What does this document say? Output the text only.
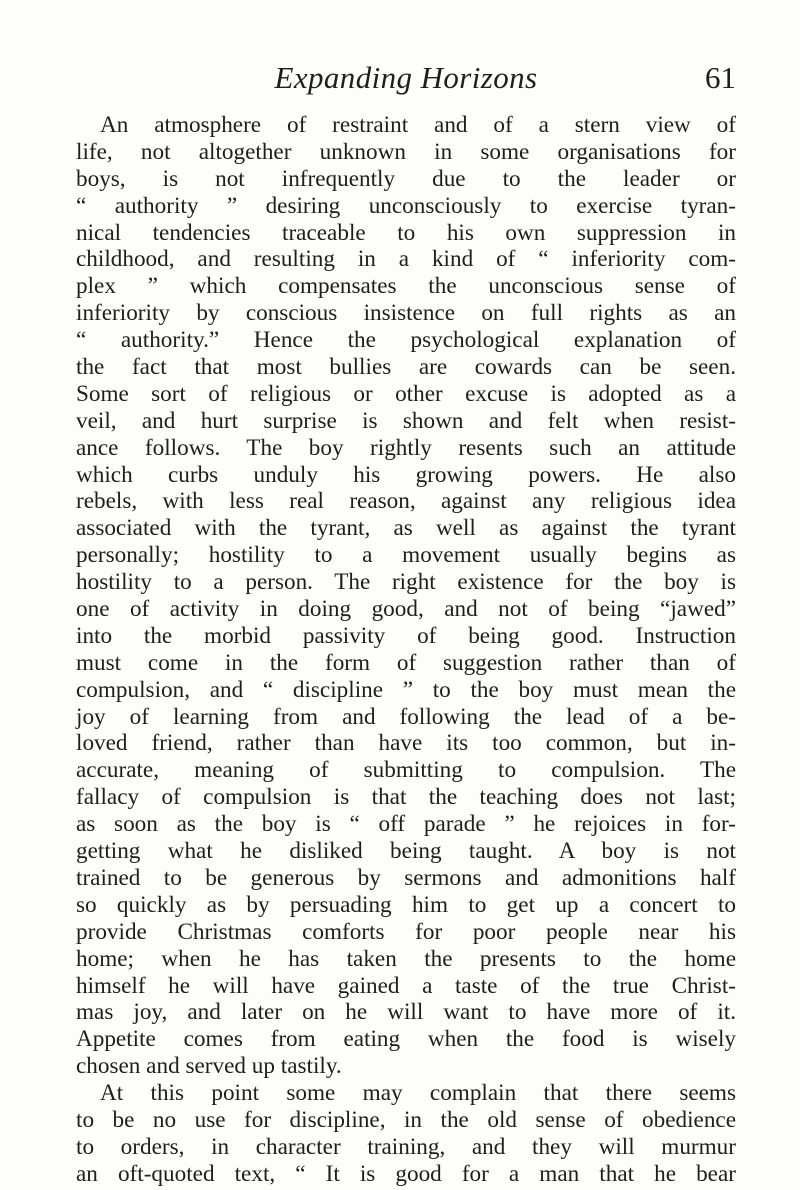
Expanding Horizons	61
An atmosphere of restraint and of a stern view of
life, not altogether unknown in some organisations for
boys, is not infrequently due to the leader or
“ authority ” desiring unconsciously to exercise tyran-
nical tendencies traceable to his own suppression in
childhood, and resulting in a kind of “ inferiority com-
plex ” which compensates the unconscious sense of
inferiority by conscious insistence on full rights as an
“ authority.” Hence the psychological explanation of
the fact that most bullies are cowards can be seen.
Some sort of religious or other excuse is adopted as a
veil, and hurt surprise is shown and felt when resist-
ance follows. The boy rightly resents such an attitude
which curbs unduly his growing powers. He also
rebels, with less real reason, against any religious idea
associated with the tyrant, as well as against the tyrant
personally; hostility to a movement usually begins as
hostility to a person. The right existence for the boy is
one of activity in doing good, and not of being “jawed”
into the morbid passivity of being good. Instruction
must come in the form of suggestion rather than of
compulsion, and “ discipline ” to the boy must mean the
joy of learning from and following the lead of a be-
loved friend, rather than have its too common, but in-
accurate, meaning of submitting to compulsion. The
fallacy of compulsion is that the teaching does not last;
as soon as the boy is “ off parade ” he rejoices in for-
getting what he disliked being taught. A boy is not
trained to be generous by sermons and admonitions half
so quickly as by persuading him to get up a concert to
provide Christmas comforts for poor people near his
home; when he has taken the presents to the home
himself he will have gained a taste of the true Christ-
mas joy, and later on he will want to have more of it.
Appetite comes from eating when the food is wisely
chosen and served up tastily.
At this point some may complain that there seems
to be no use for discipline, in the old sense of obedience
to orders, in character training, and they will murmur
an oft-quoted text, “ It is good for a man that he bear
